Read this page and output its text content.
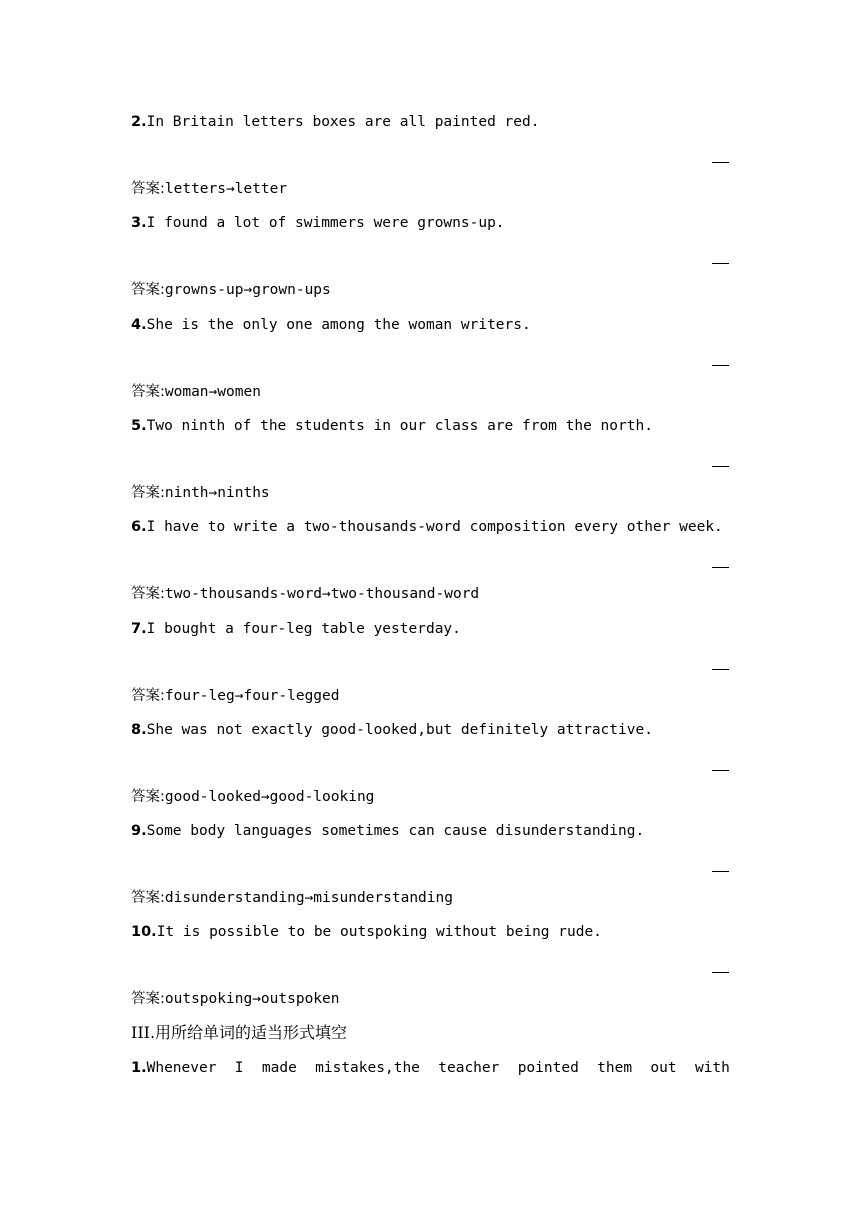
2.In Britain letters boxes are all painted red.
答案:letters→letter
3.I found a lot of swimmers were growns-up.
答案:growns-up→grown-ups
4.She is the only one among the woman writers.
答案:woman→women
5.Two ninth of the students in our class are from the north.
答案:ninth→ninths
6.I have to write a two-thousands-word composition every other week.
答案:two-thousands-word→two-thousand-word
7.I bought a four-leg table yesterday.
答案:four-leg→four-legged
8.She was not exactly good-looked,but definitely attractive.
答案:good-looked→good-looking
9.Some body languages sometimes can cause disunderstanding.
答案:disunderstanding→misunderstanding
10.It is possible to be outspoking without being rude.
答案:outspoking→outspoken
III.用所给单词的适当形式填空
1. Whenever I made mistakes,the teacher pointed them out with
